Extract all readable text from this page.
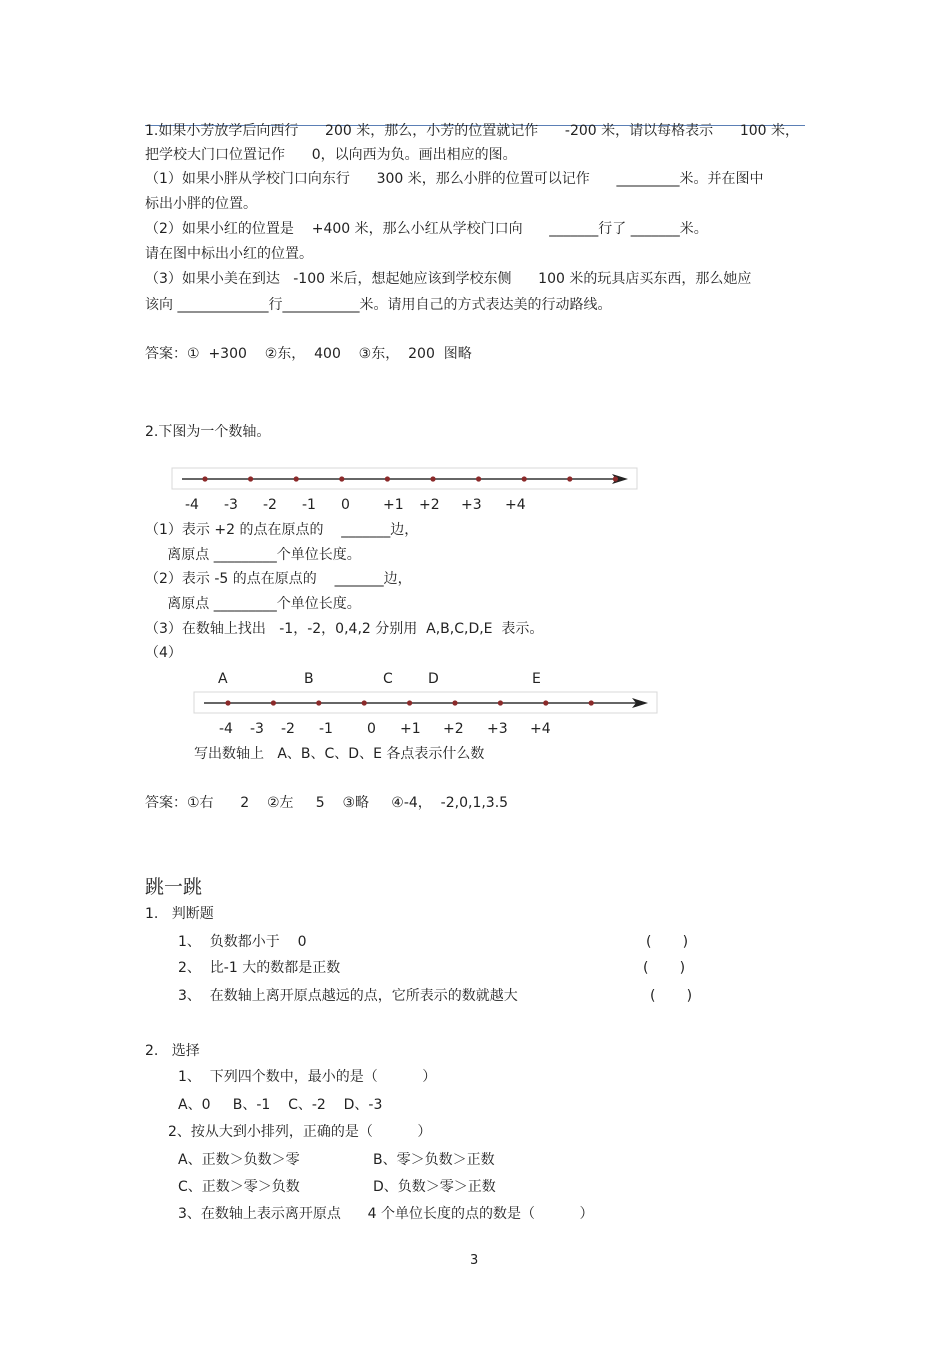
1.如果小芳放学后向西行      200 米，那么，小芳的位置就记作      -200 米，请以每格表示      100 米，
把学校大门口位置记作      0，以向西为负。画出相应的图。
（1）如果小胖从学校门口向东行      300 米，那么小胖的位置可以记作      _________米。并在图中
标出小胖的位置。
（2）如果小红的位置是    +400 米，那么小红从学校门口向      _______行了 _______米。
请在图中标出小红的位置。
（3）如果小美在到达   -100 米后，想起她应该到学校东侧      100 米的玩具店买东西，那么她应
该向 _____________行___________米。请用自己的方式表达美的行动路线。
答案：①  +300    ②东，  400    ③东，  200  图略
2.下图为一个数轴。
-4 -3 -2 -1 0 +1 +2 +3 +4
（1）表示 +2 的点在原点的    _______边，
离原点 _________个单位长度。
（2）表示 -5 的点在原点的    _______边，
离原点 _________个单位长度。
（3）在数轴上找出   -1，-2，0,4,2 分别用  A,B,C,D,E  表示。
（4）
A	B	C	D	E
-4 -3 -2 -1 0 +1 +2 +3 +4
写出数轴上   A、B、C、D、E 各点表示什么数
答案：①右      2    ②左     5    ③略     ④-4，  -2,0,1,3.5
跳一跳
1.   判断题
1、  负数都小于    0	(       )
2、  比-1 大的数都是正数	(       )
3、  在数轴上离开原点越远的点，它所表示的数就越大	(       )
2.   选择
1、  下列四个数中，最小的是（          ）
A、0     B、-1    C、-2    D、-3
2、按从大到小排列，正确的是（          ）
A、正数＞负数＞零	B、零＞负数＞正数
C、正数＞零＞负数	D、负数＞零＞正数
3、在数轴上表示离开原点      4 个单位长度的点的数是（          ）
3
